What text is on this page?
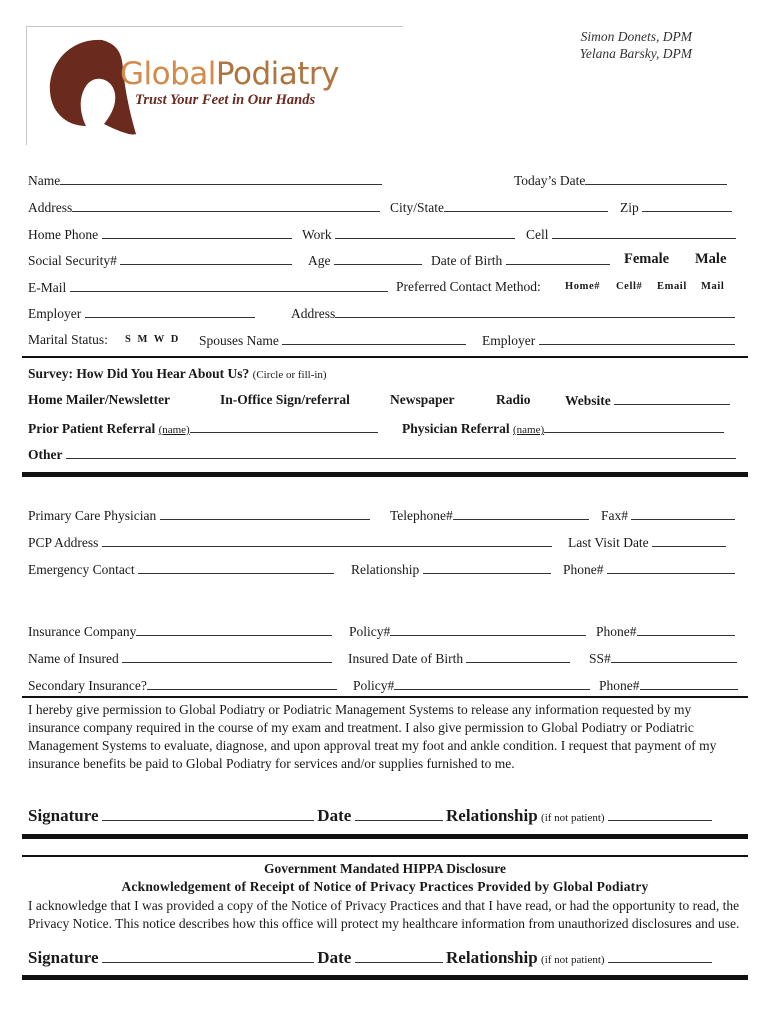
GlobalPodiatry
Trust Your Feet in Our Hands
Simon Donets, DPM
Yelana Barsky, DPM
Name	Today’s Date
Address	City/State	Zip
Home Phone	Work	Cell
Social Security#	Age	Date of Birth	Female Male
E-Mail	Preferred Contact Method: Home# Cell# Email Mail
Employer	Address
Marital Status: S M W D Spouses Name	Employer
Survey: How Did You Hear About Us? (Circle or fill-in)
Home Mailer/Newsletter	In-Office Sign/referral	Newspaper	Radio	Website
Prior Patient Referral (name)	Physician Referral (name)
Other
Primary Care Physician	Telephone#	Fax#
PCP Address	Last Visit Date
Emergency Contact	Relationship	Phone#
Insurance Company	Policy#	Phone#
Name of Insured	Insured Date of Birth	SS#
Secondary Insurance?	Policy#	Phone#
I hereby give permission to Global Podiatry or Podiatric Management Systems to release any information requested by my insurance company required in the course of my exam and treatment. I also give permission to Global Podiatry or Podiatric Management Systems to evaluate, diagnose, and upon approval treat my foot and ankle condition. I request that payment of my insurance benefits be paid to Global Podiatry for services and/or supplies furnished to me.
Signature	Date	Relationship (if not patient)
Government Mandated HIPPA Disclosure
Acknowledgement of Receipt of Notice of Privacy Practices Provided by Global Podiatry
I acknowledge that I was provided a copy of the Notice of Privacy Practices and that I have read, or had the opportunity to read, the Privacy Notice. This notice describes how this office will protect my healthcare information from unauthorized disclosures and use.
Signature	Date	Relationship (if not patient)
